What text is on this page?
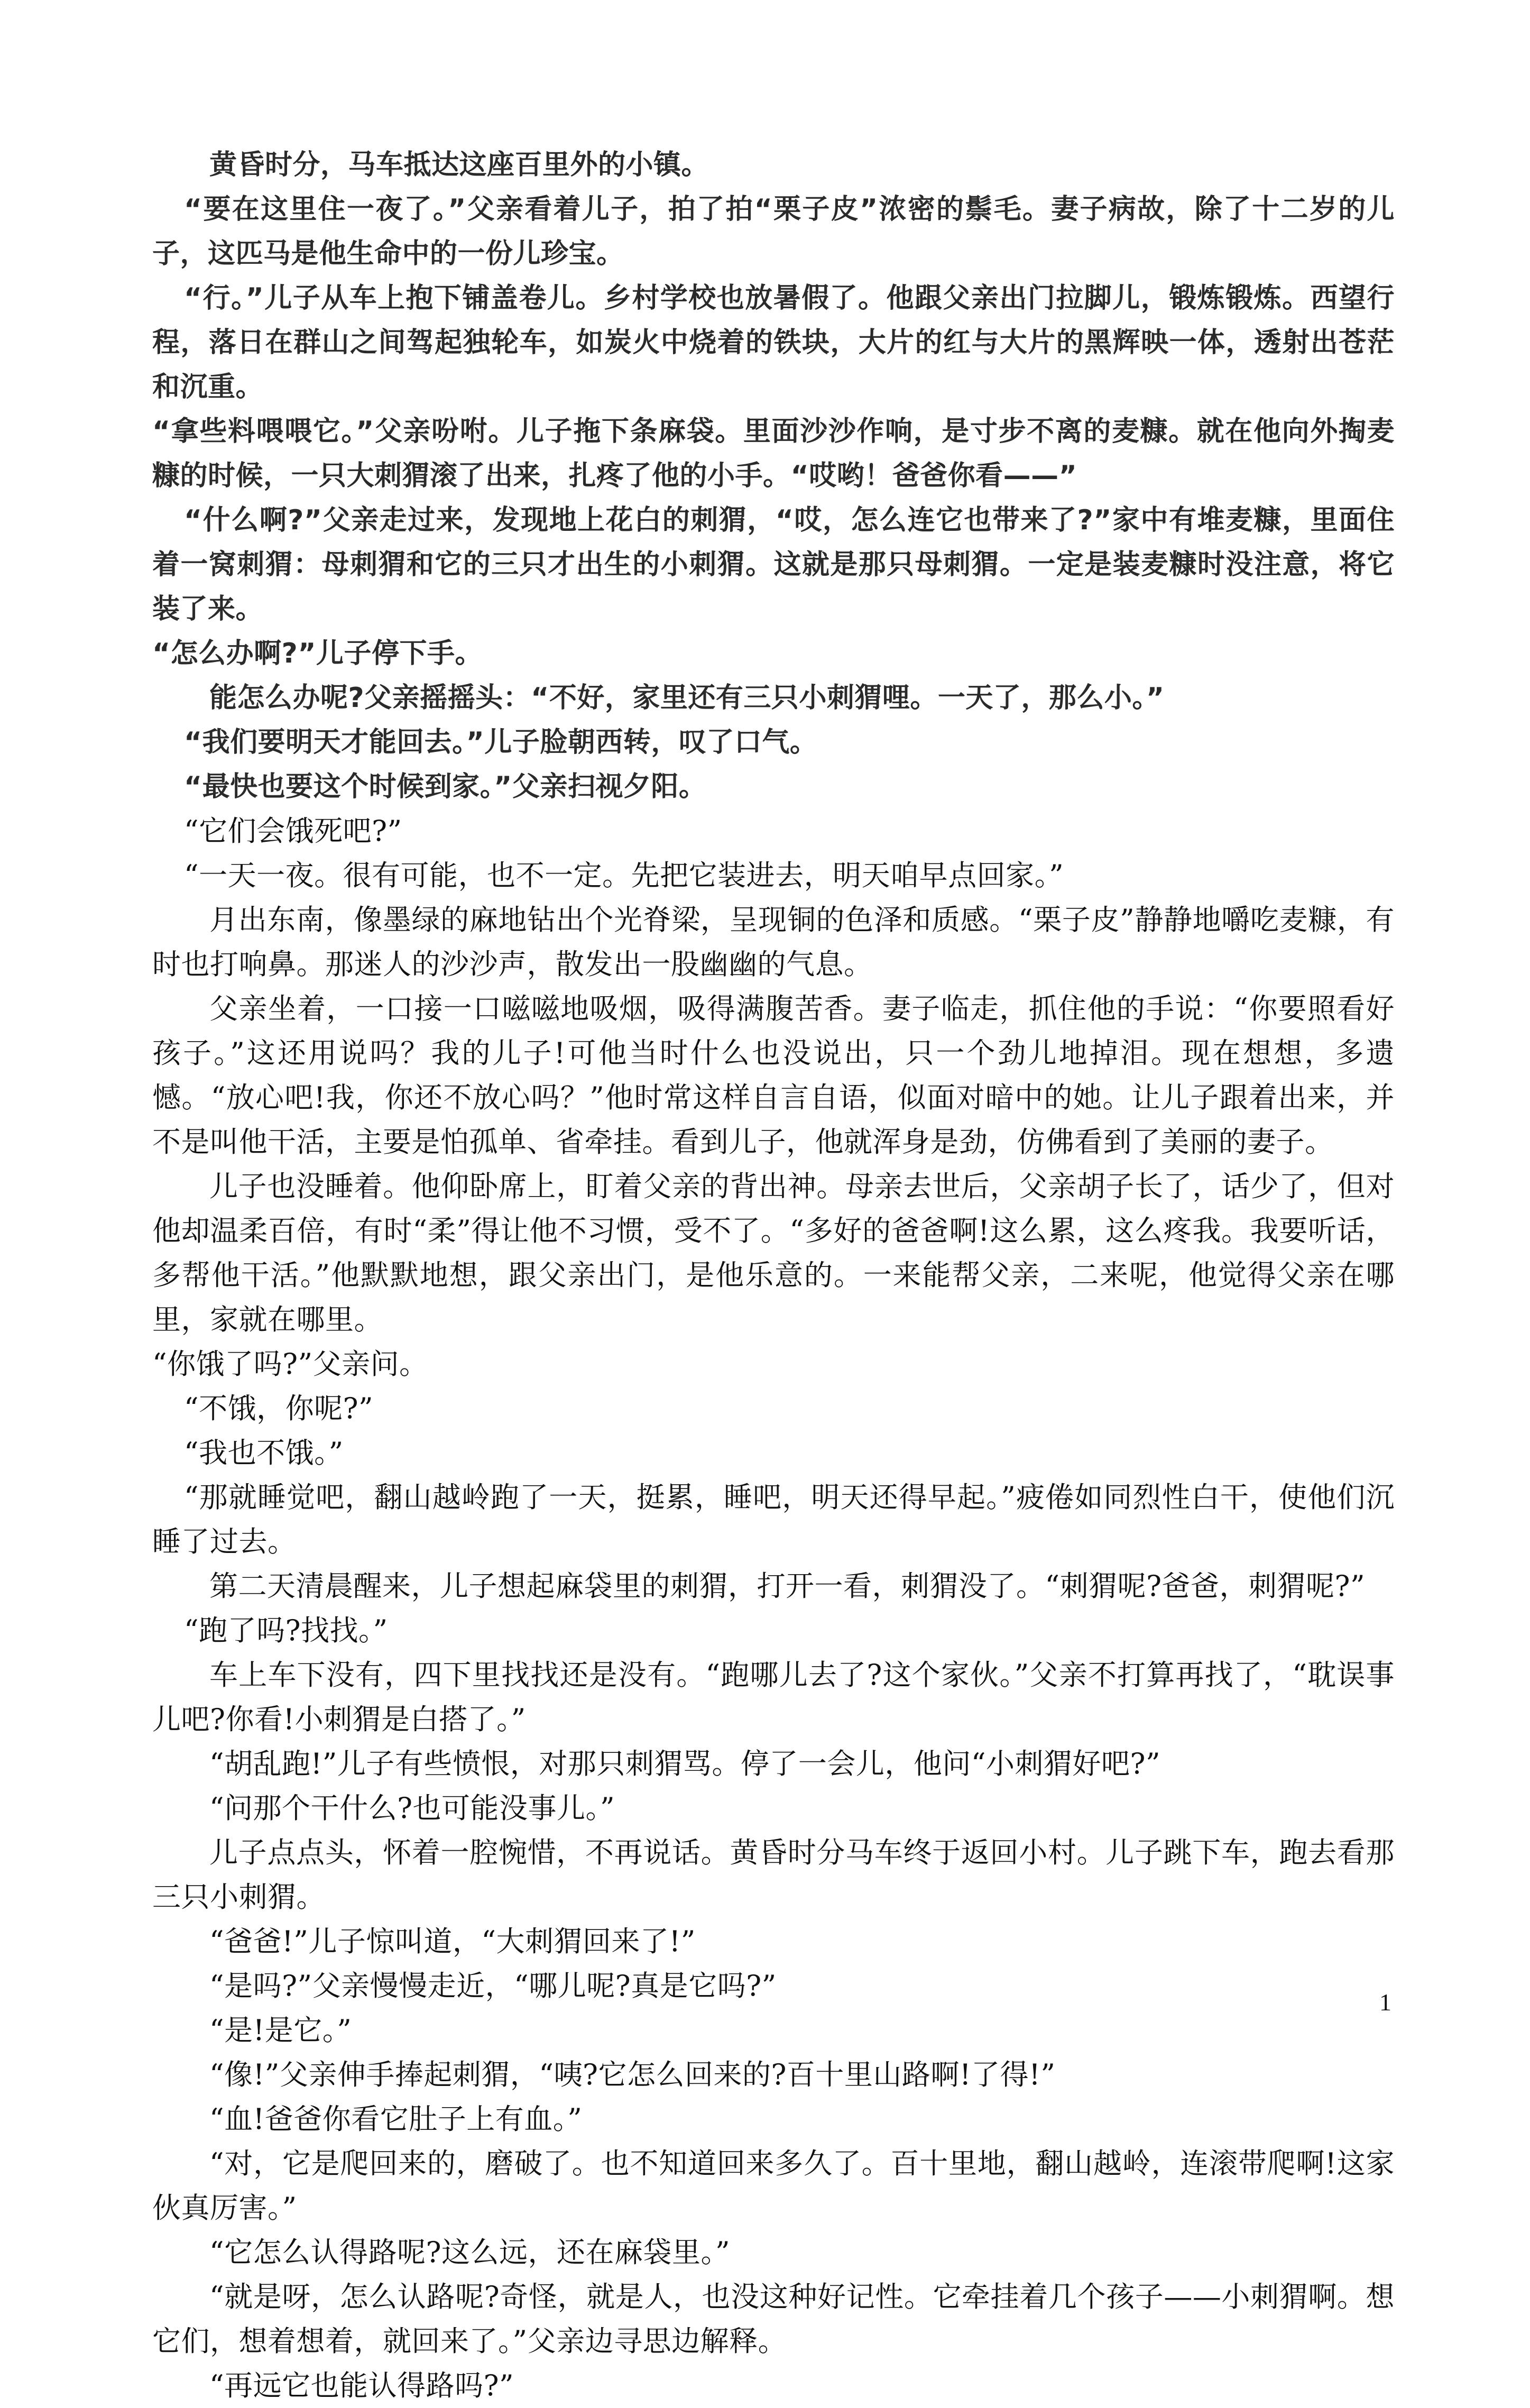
黄昏时分，马车抵达这座百里外的小镇。

“要在这里住一夜了。”父亲看着儿子，拍了拍“栗子皮”浓密的鬃毛。妻子病故，除了十二岁的儿子，这匹马是他生命中的一份儿珍宝。

“行。”儿子从车上抱下铺盖卷儿。乡村学校也放暑假了。他跟父亲出门拉脚儿，锻炼锻炼。西望行程，落日在群山之间驾起独轮车，如炭火中烧着的铁块，大片的红与大片的黑辉映一体，透射出苍茫和沉重。

“拿些料喂喂它。”父亲吩咐。儿子拖下条麻袋。里面沙沙作响，是寸步不离的麦糠。就在他向外掏麦糠的时候，一只大刺猬滚了出来，扎疼了他的小手。“哎哟！爸爸你看——”

“什么啊?”父亲走过来，发现地上花白的刺猬，“哎，怎么连它也带来了?”家中有堆麦糠，里面住着一窝刺猬：母刺猬和它的三只才出生的小刺猬。这就是那只母刺猬。一定是装麦糠时没注意，将它装了来。

“怎么办啊?”儿子停下手。

能怎么办呢?父亲摇摇头：“不好，家里还有三只小刺猬哩。一天了，那么小。”

“我们要明天才能回去。”儿子脸朝西转，叹了口气。

“最快也要这个时候到家。”父亲扫视夕阳。

“它们会饿死吧?”

“一天一夜。很有可能，也不一定。先把它装进去，明天咱早点回家。”

月出东南，像墨绿的麻地钻出个光脊梁，呈现铜的色泽和质感。“栗子皮”静静地嚼吃麦糠，有时也打响鼻。那迷人的沙沙声，散发出一股幽幽的气息。

父亲坐着，一口接一口嗞嗞地吸烟，吸得满腹苦香。妻子临走，抓住他的手说：“你要照看好孩子。”这还用说吗？我的儿子!可他当时什么也没说出，只一个劲儿地掉泪。现在想想，多遗憾。“放心吧!我，你还不放心吗？”他时常这样自言自语，似面对暗中的她。让儿子跟着出来，并不是叫他干活，主要是怕孤单、省牵挂。看到儿子，他就浑身是劲，仿佛看到了美丽的妻子。

儿子也没睡着。他仰卧席上，盯着父亲的背出神。母亲去世后，父亲胡子长了，话少了，但对他却温柔百倍，有时“柔”得让他不习惯，受不了。“多好的爸爸啊!这么累，这么疼我。我要听话，多帮他干活。”他默默地想，跟父亲出门，是他乐意的。一来能帮父亲，二来呢，他觉得父亲在哪里，家就在哪里。

“你饿了吗?”父亲问。

“不饿，你呢?”

“我也不饿。”

“那就睡觉吧，翻山越岭跑了一天，挺累，睡吧，明天还得早起。”疲倦如同烈性白干，使他们沉睡了过去。

第二天清晨醒来，儿子想起麻袋里的刺猬，打开一看，刺猬没了。“刺猬呢?爸爸，刺猬呢?”

“跑了吗?找找。”

车上车下没有，四下里找找还是没有。“跑哪儿去了?这个家伙。”父亲不打算再找了，“耽误事儿吧?你看!小刺猬是白搭了。”

“胡乱跑!”儿子有些愤恨，对那只刺猬骂。停了一会儿，他问“小刺猬好吧?”

“问那个干什么?也可能没事儿。”

儿子点点头，怀着一腔惋惜，不再说话。黄昏时分马车终于返回小村。儿子跳下车，跑去看那三只小刺猬。

“爸爸!”儿子惊叫道，“大刺猬回来了!”

“是吗?”父亲慢慢走近，“哪儿呢?真是它吗?”

“是!是它。”

“像!”父亲伸手捧起刺猬，“咦?它怎么回来的?百十里山路啊!了得!”

“血!爸爸你看它肚子上有血。”

“对，它是爬回来的，磨破了。也不知道回来多久了。百十里地，翻山越岭，连滚带爬啊!这家伙真厉害。”

“它怎么认得路呢?这么远，还在麻袋里。”

“就是呀，怎么认路呢?奇怪，就是人，也没这种好记性。它牵挂着几个孩子——小刺猬啊。想它们，想着想着，就回来了。”父亲边寻思边解释。

“再远它也能认得路吗?”

1
